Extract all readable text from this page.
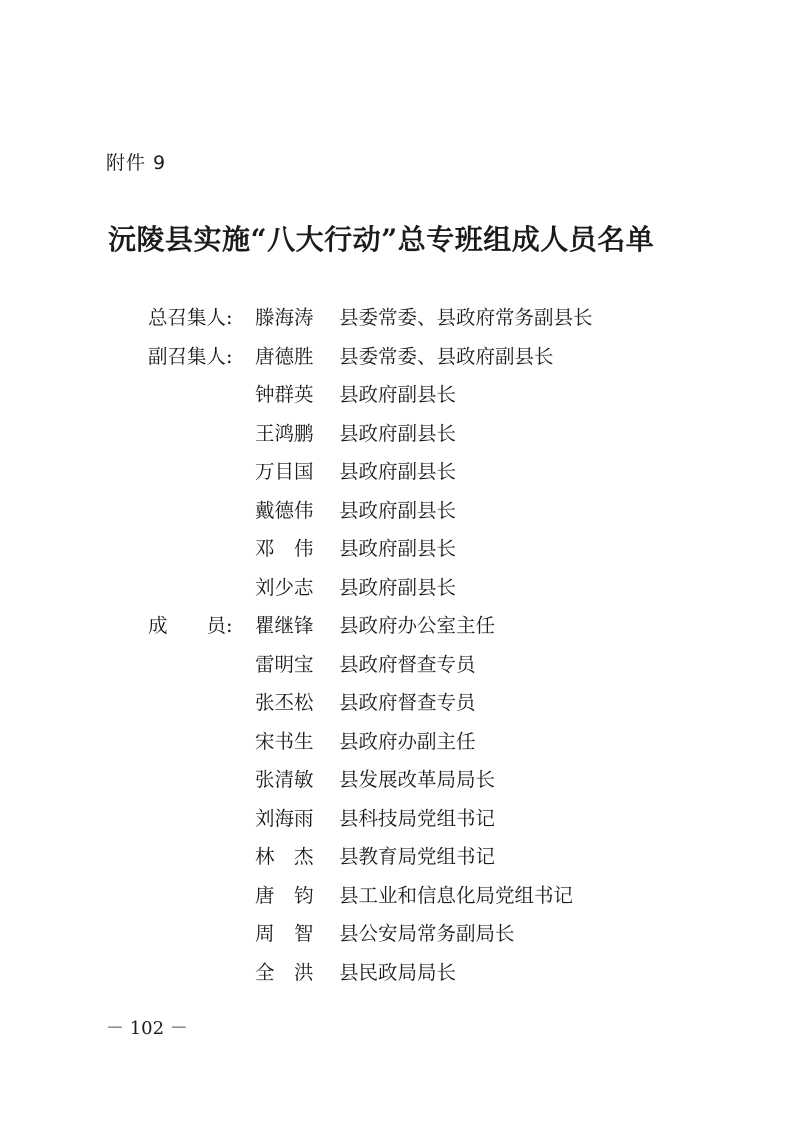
附件 9
沅陵县实施“八大行动”总专班组成人员名单
总召集人: 滕海涛 县委常委、县政府常务副县长
副召集人: 唐德胜 县委常委、县政府副县长
钟群英 县政府副县长
王鸿鹏 县政府副县长
万目国 县政府副县长
戴德伟 县政府副县长
邓　伟 县政府副县长
刘少志 县政府副县长
成　　员: 瞿继锋 县政府办公室主任
雷明宝 县政府督查专员
张丕松 县政府督查专员
宋书生 县政府办副主任
张清敏 县发展改革局局长
刘海雨 县科技局党组书记
林　杰 县教育局党组书记
唐　钧 县工业和信息化局党组书记
周　智 县公安局常务副局长
全　洪 县民政局局长
－ 102 －
